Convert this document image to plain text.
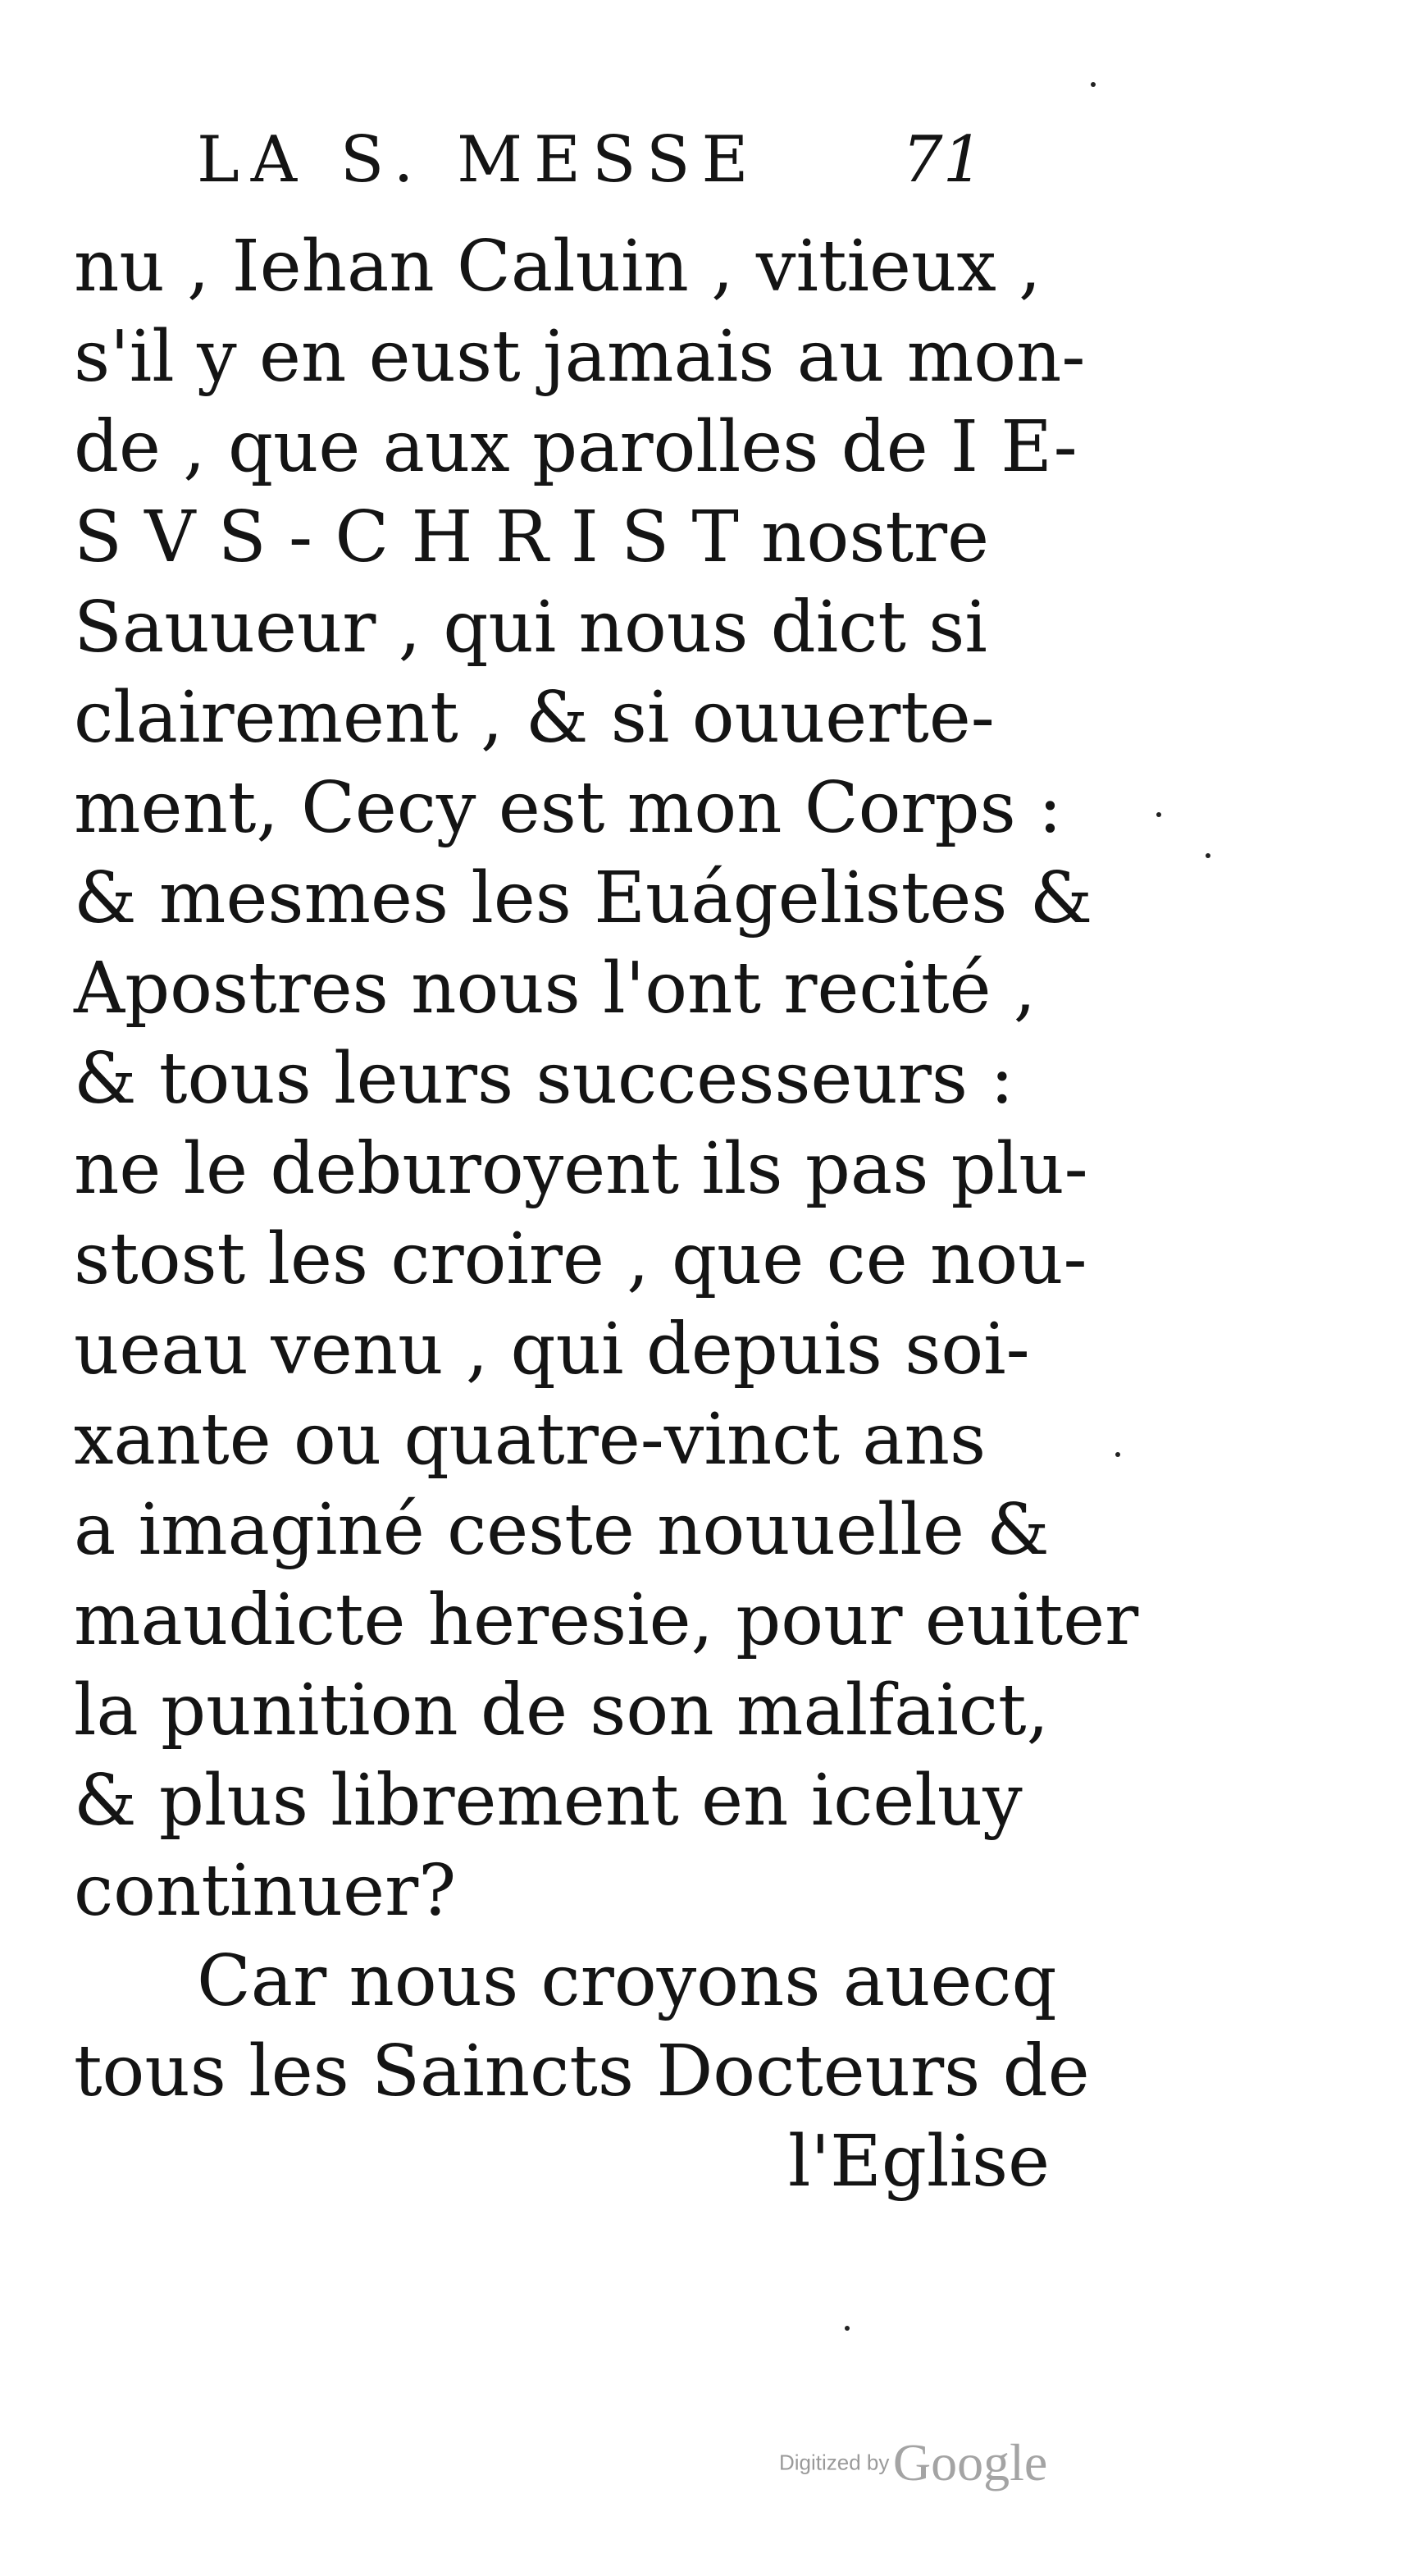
LA S. MESSE 71
nu , Iehan Caluin , vitieux ,
s'il y en eust jamais au mon-
de , que aux parolles de I E-
S V S - C H R I S T nostre
Sauueur , qui nous dict si
clairement , & si ouuerte-
ment, Cecy est mon Corps :
& mesmes les Euágelistes &
Apostres nous l'ont recité ,
& tous leurs successeurs :
ne le deburoyent ils pas plu-
stost les croire , que ce nou-
ueau venu , qui depuis soi-
xante ou quatre-vinct ans
a imaginé ceste nouuelle &
maudicte heresie, pour euiter
la punition de son malfaict,
& plus librement en iceluy
continuer?
Car nous croyons auecq
tous les Saincts Docteurs de
l'Eglise
Digitized by Google
